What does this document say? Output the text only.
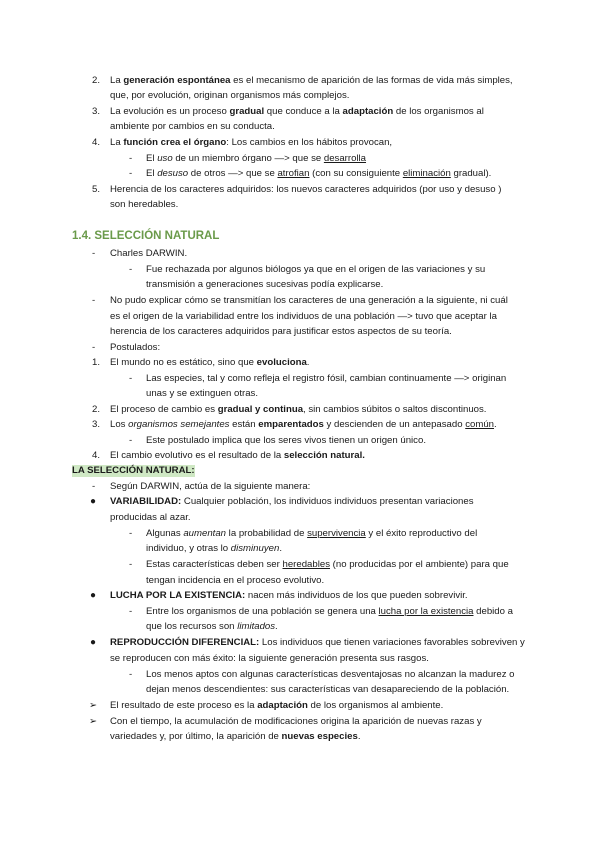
2. La generación espontánea es el mecanismo de aparición de las formas de vida más simples,
que, por evolución, originan organismos más complejos.
3. La evolución es un proceso gradual que conduce a la adaptación de los organismos al
ambiente por cambios en su conducta.
4. La función crea el órgano: Los cambios en los hábitos provocan,
- El uso de un miembro órgano —> que se desarrolla
- El desuso de otros —> que se atrofian (con su consiguiente eliminación gradual).
5. Herencia de los caracteres adquiridos: los nuevos caracteres adquiridos (por uso y desuso )
son heredables.
1.4. SELECCIÓN NATURAL
- Charles DARWIN.
- Fue rechazada por algunos biólogos ya que en el origen de las variaciones y su
transmisión a generaciones sucesivas podía explicarse.
- No pudo explicar cómo se transmitían los caracteres de una generación a la siguiente, ni cuál
es el origen de la variabilidad entre los individuos de una población —> tuvo que aceptar la
herencia de los caracteres adquiridos para justificar estos aspectos de su teoría.
- Postulados:
1. El mundo no es estático, sino que evoluciona.
- Las especies, tal y como refleja el registro fósil, cambian continuamente —> originan
unas y se extinguen otras.
2. El proceso de cambio es gradual y continua, sin cambios súbitos o saltos discontinuos.
3. Los organismos semejantes están emparentados y descienden de un antepasado común.
- Este postulado implica que los seres vivos tienen un origen único.
4. El cambio evolutivo es el resultado de la selección natural.
LA SELECCIÓN NATURAL:
- Según DARWIN, actúa de la siguiente manera:
● VARIABILIDAD: Cualquier población, los individuos individuos presentan variaciones
producidas al azar.
- Algunas aumentan la probabilidad de supervivencia y el éxito reproductivo del
individuo, y otras lo disminuyen.
- Estas características deben ser heredables (no producidas por el ambiente) para que
tengan incidencia en el proceso evolutivo.
● LUCHA POR LA EXISTENCIA: nacen más individuos de los que pueden sobrevivir.
- Entre los organismos de una población se genera una lucha por la existencia debido a
que los recursos son limitados.
● REPRODUCCIÓN DIFERENCIAL: Los individuos que tienen variaciones favorables sobreviven y
se reproducen con más éxito: la siguiente generación presenta sus rasgos.
- Los menos aptos con algunas características desventajosas no alcanzan la madurez o
dejan menos descendientes: sus características van desapareciendo de la población.
➢ El resultado de este proceso es la adaptación de los organismos al ambiente.
➢ Con el tiempo, la acumulación de modificaciones origina la aparición de nuevas razas y
variedades y, por último, la aparición de nuevas especies.
